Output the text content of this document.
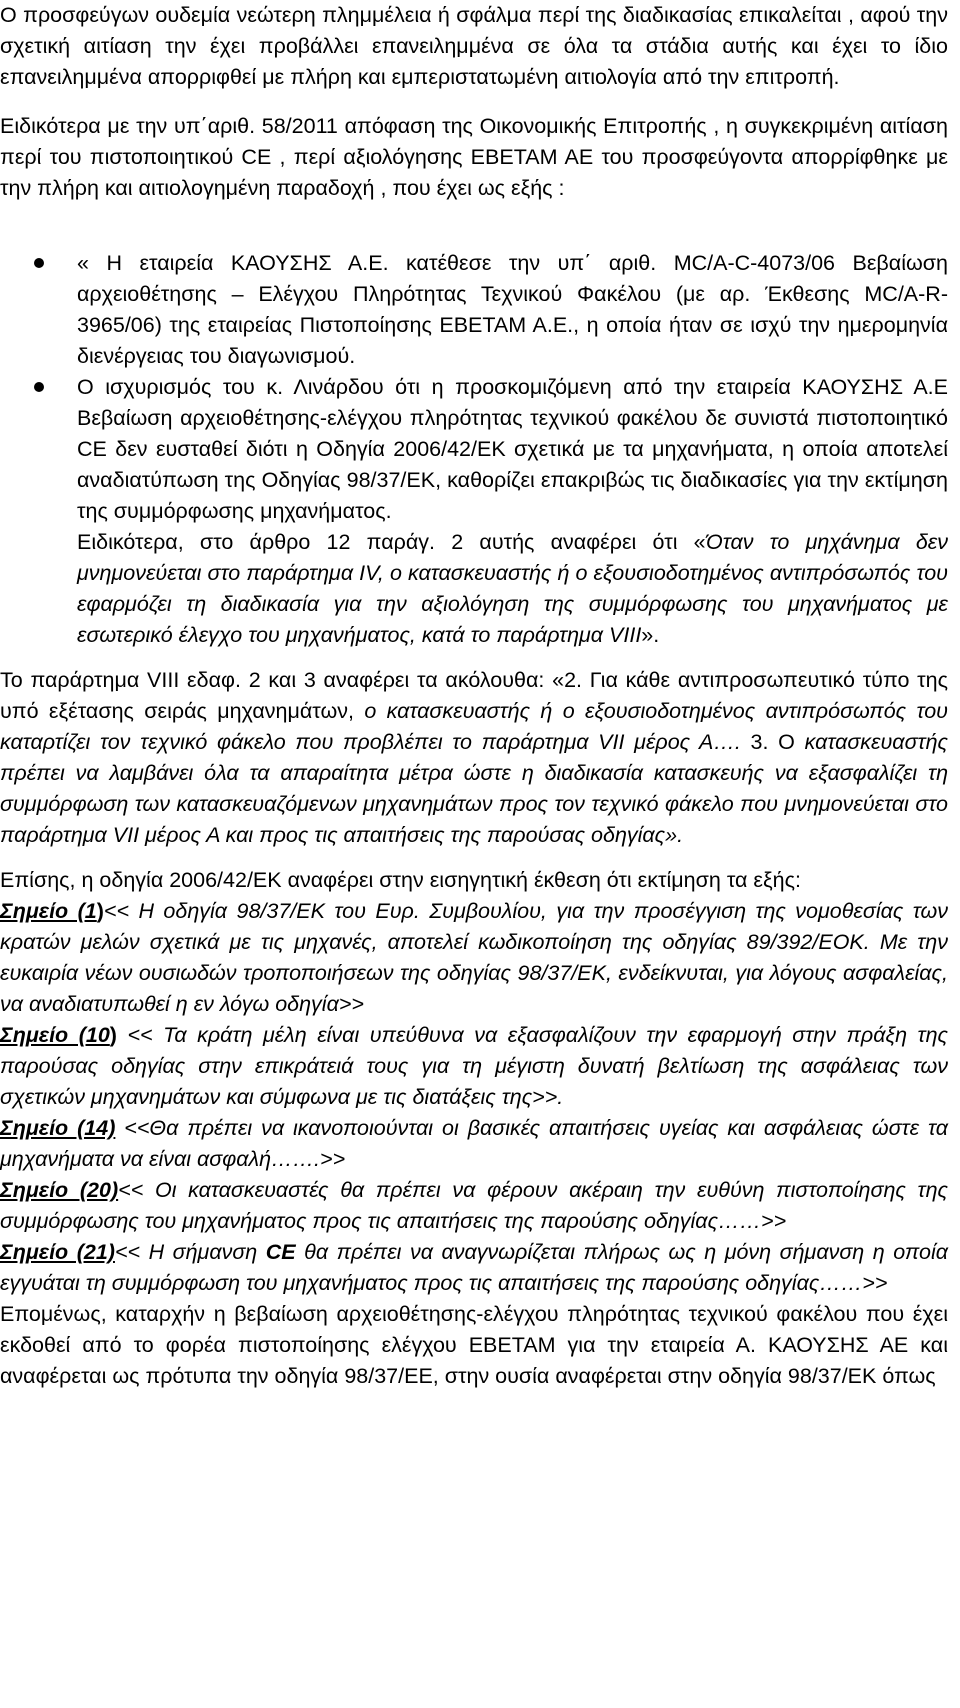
Ο προσφεύγων ουδεμία νεώτερη πλημμέλεια ή σφάλμα περί της διαδικασίας επικαλείται , αφού την σχετική αιτίαση την έχει προβάλλει επανειλημμένα σε όλα τα στάδια αυτής και έχει το ίδιο επανειλημμένα απορριφθεί με πλήρη και εμπεριστατωμένη αιτιολογία από την επιτροπή.

Ειδικότερα με την υπ΄αριθ. 58/2011 απόφαση της Οικονομικής Επιτροπής , η συγκεκριμένη αιτίαση περί του πιστοποιητικού CE , περί αξιολόγησης ΕΒΕΤΑΜ ΑΕ του προσφεύγοντα απορρίφθηκε με την πλήρη και αιτιολογημένη παραδοχή , που έχει ως εξής :

« Η εταιρεία ΚΑΟΥΣΗΣ Α.Ε. κατέθεσε την υπ΄ αριθ. MC/A-C-4073/06 Βεβαίωση αρχειοθέτησης – Ελέγχου Πληρότητας Τεχνικού Φακέλου (με αρ. Έκθεσης MC/A-R-3965/06) της εταιρείας Πιστοποίησης ΕΒΕΤΑΜ Α.Ε., η οποία ήταν σε ισχύ την ημερομηνία διενέργειας του διαγωνισμού.
Ο ισχυρισμός του κ. Λινάρδου ότι η προσκομιζόμενη από την εταιρεία ΚΑΟΥΣΗΣ Α.Ε Βεβαίωση αρχειοθέτησης-ελέγχου πληρότητας τεχνικού φακέλου δε συνιστά πιστοποιητικό CE δεν ευσταθεί διότι η Οδηγία 2006/42/ΕΚ σχετικά με τα μηχανήματα, η οποία αποτελεί αναδιατύπωση της Οδηγίας 98/37/ΕΚ, καθορίζει επακριβώς τις διαδικασίες για την εκτίμηση της συμμόρφωσης μηχανήματος.

Ειδικότερα, στο άρθρο 12 παράγ. 2 αυτής αναφέρει ότι «Όταν το μηχάνημα δεν μνημονεύεται στο παράρτημα IV, ο κατασκευαστής ή ο εξουσιοδοτημένος αντιπρόσωπός του εφαρμόζει τη διαδικασία για την αξιολόγηση της συμμόρφωσης του μηχανήματος με εσωτερικό έλεγχο του μηχανήματος, κατά το παράρτημα VIII».

Το παράρτημα VIII εδαφ. 2 και 3 αναφέρει τα ακόλουθα: «2. Για κάθε αντιπροσωπευτικό τύπο της υπό εξέτασης σειράς μηχανημάτων, ο κατασκευαστής ή ο εξουσιοδοτημένος αντιπρόσωπός του καταρτίζει τον τεχνικό φάκελο που προβλέπει το παράρτημα VII μέρος Α…. 3. Ο κατασκευαστής πρέπει να λαμβάνει όλα τα απαραίτητα μέτρα ώστε η διαδικασία κατασκευής να εξασφαλίζει τη συμμόρφωση των κατασκευαζόμενων μηχανημάτων προς τον τεχνικό φάκελο που μνημονεύεται στο παράρτημα VII μέρος Α και προς τις απαιτήσεις της παρούσας οδηγίας».

Επίσης, η οδηγία 2006/42/ΕΚ αναφέρει στην εισηγητική έκθεση ότι εκτίμηση τα εξής:

Σημείο (1)<< Η οδηγία 98/37/ΕΚ του Ευρ. Συμβουλίου, για την προσέγγιση της νομοθεσίας των κρατών μελών σχετικά με τις μηχανές, αποτελεί κωδικοποίηση της οδηγίας 89/392/ΕΟΚ. Με την ευκαιρία νέων ουσιωδών τροποποιήσεων της οδηγίας 98/37/ΕΚ, ενδείκνυται, για λόγους ασφαλείας, να αναδιατυπωθεί η εν λόγω οδηγία>>

Σημείο (10) << Τα κράτη μέλη είναι υπεύθυνα να εξασφαλίζουν την εφαρμογή στην πράξη της παρούσας οδηγίας στην επικράτειά τους για τη μέγιστη δυνατή βελτίωση της ασφάλειας των σχετικών μηχανημάτων και σύμφωνα με τις διατάξεις της>>.

Σημείο (14) <<Θα πρέπει να ικανοποιούνται οι βασικές απαιτήσεις υγείας και ασφάλειας ώστε τα μηχανήματα να είναι ασφαλή…….>>

Σημείο (20)<< Οι κατασκευαστές θα πρέπει να φέρουν ακέραιη την ευθύνη πιστοποίησης της συμμόρφωσης του μηχανήματος προς τις απαιτήσεις της παρούσης οδηγίας……>>

Σημείο (21)<< Η σήμανση CE θα πρέπει να αναγνωρίζεται πλήρως ως η μόνη σήμανση η οποία εγγυάται τη συμμόρφωση του μηχανήματος προς τις απαιτήσεις της παρούσης οδηγίας……>>

Επομένως, καταρχήν η βεβαίωση αρχειοθέτησης-ελέγχου πληρότητας τεχνικού φακέλου που έχει εκδοθεί από το φορέα πιστοποίησης ελέγχου ΕΒΕΤΑΜ για την εταιρεία Α. ΚΑΟΥΣΗΣ ΑΕ και αναφέρεται ως πρότυπα την οδηγία 98/37/ΕΕ, στην ουσία αναφέρεται στην οδηγία 98/37/ΕΚ όπως
